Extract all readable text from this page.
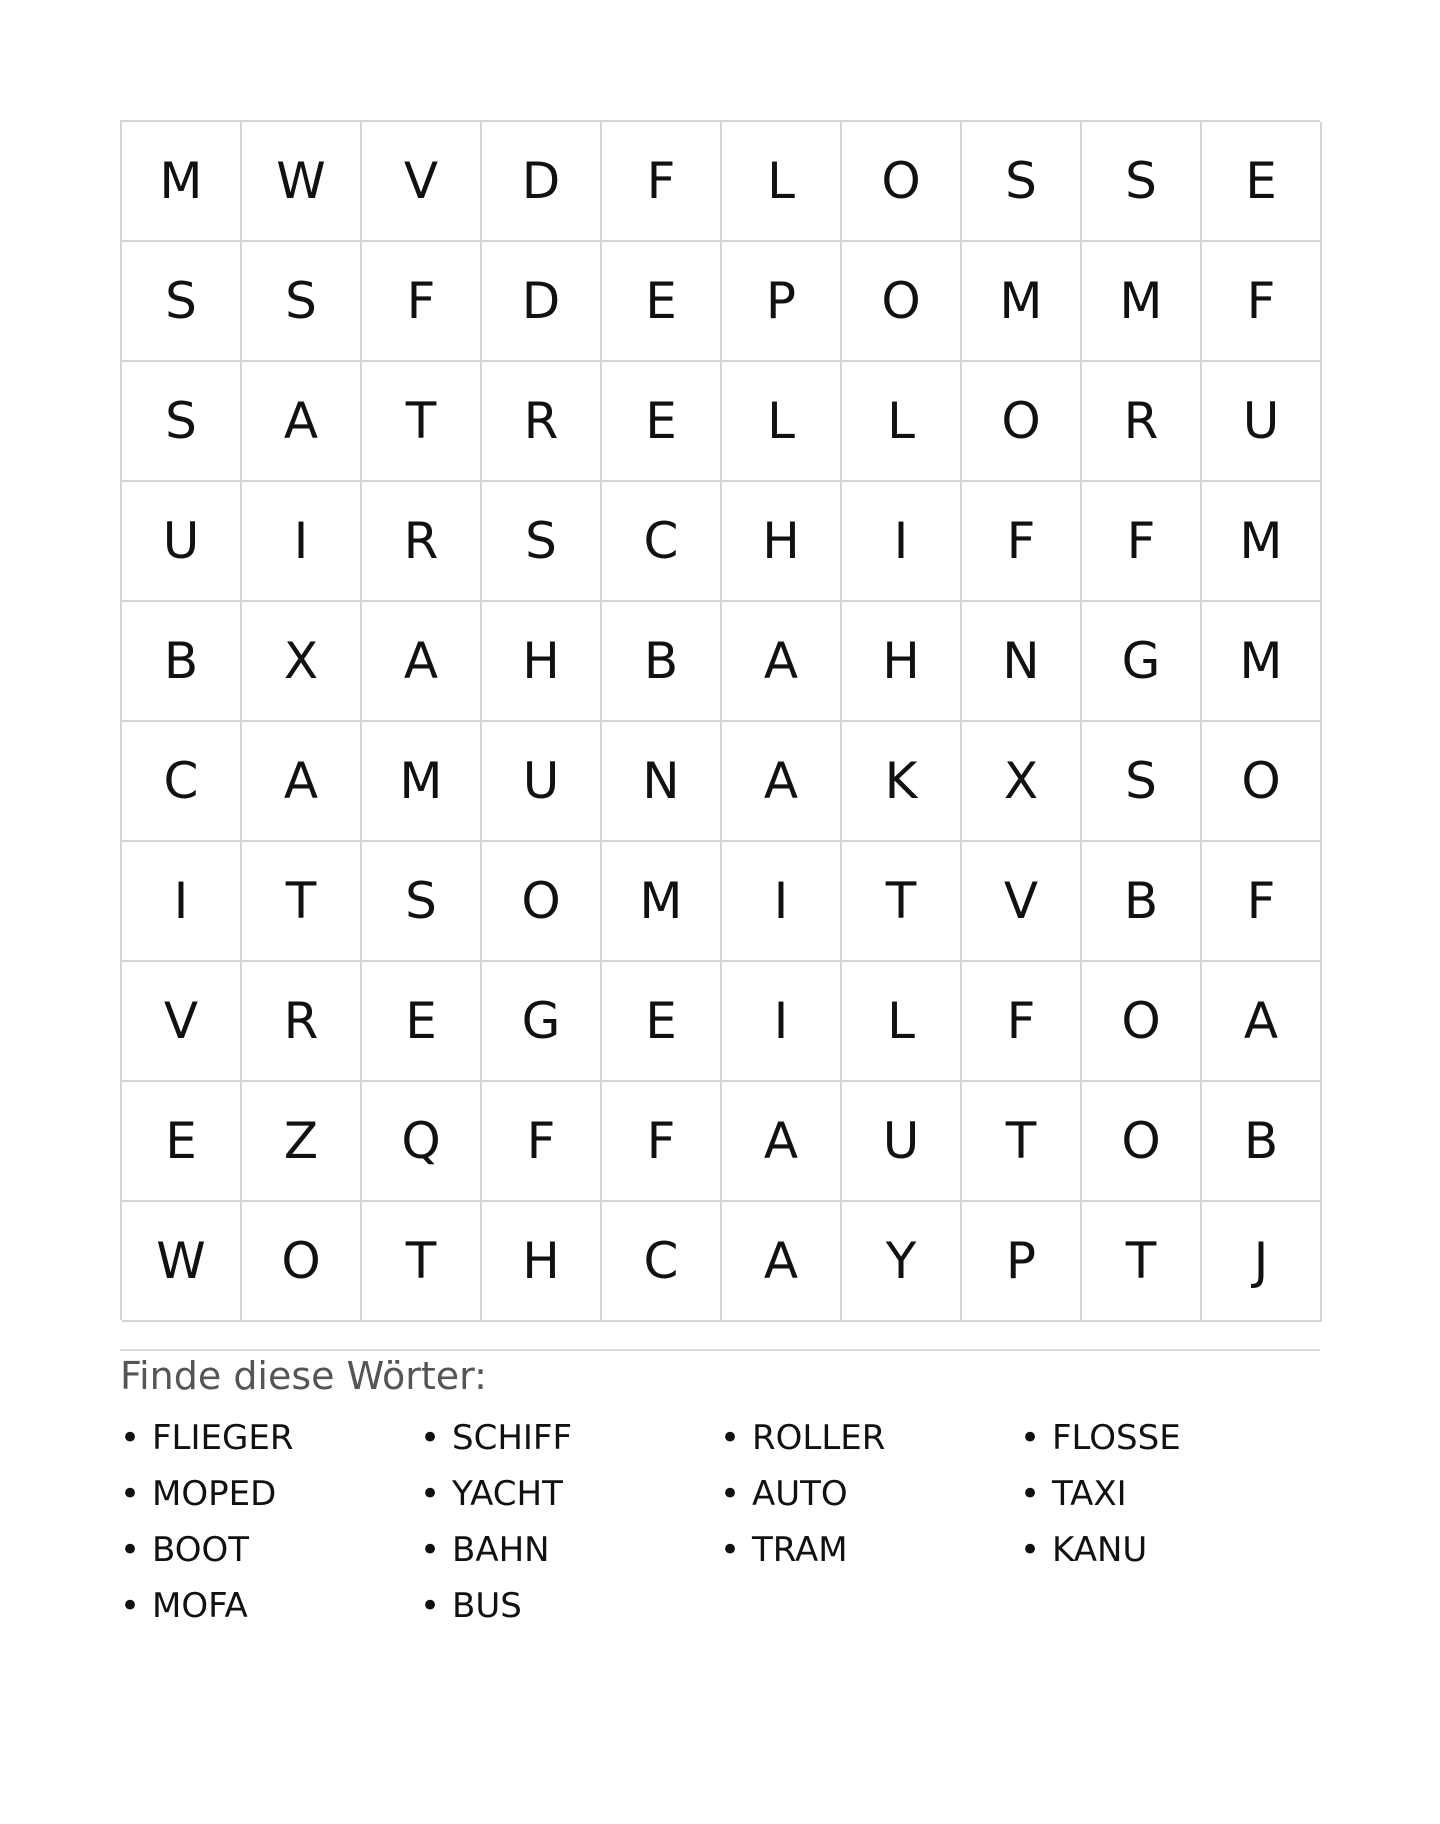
M	W	V	D	F	L	O	S	S	E
S	S	F	D	E	P	O	M	M	F
S	A	T	R	E	L	L	O	R	U
U	I	R	S	C	H	I	F	F	M
B	X	A	H	B	A	H	N	G	M
C	A	M	U	N	A	K	X	S	O
I	T	S	O	M	I	T	V	B	F
V	R	E	G	E	I	L	F	O	A
E	Z	Q	F	F	A	U	T	O	B
W	O	T	H	C	A	Y	P	T	J
Finde diese Wörter:
• FLIEGER	• SCHIFF	• ROLLER	• FLOSSE
• MOPED	• YACHT	• AUTO	• TAXI
• BOOT	• BAHN	• TRAM	• KANU
• MOFA	• BUS
